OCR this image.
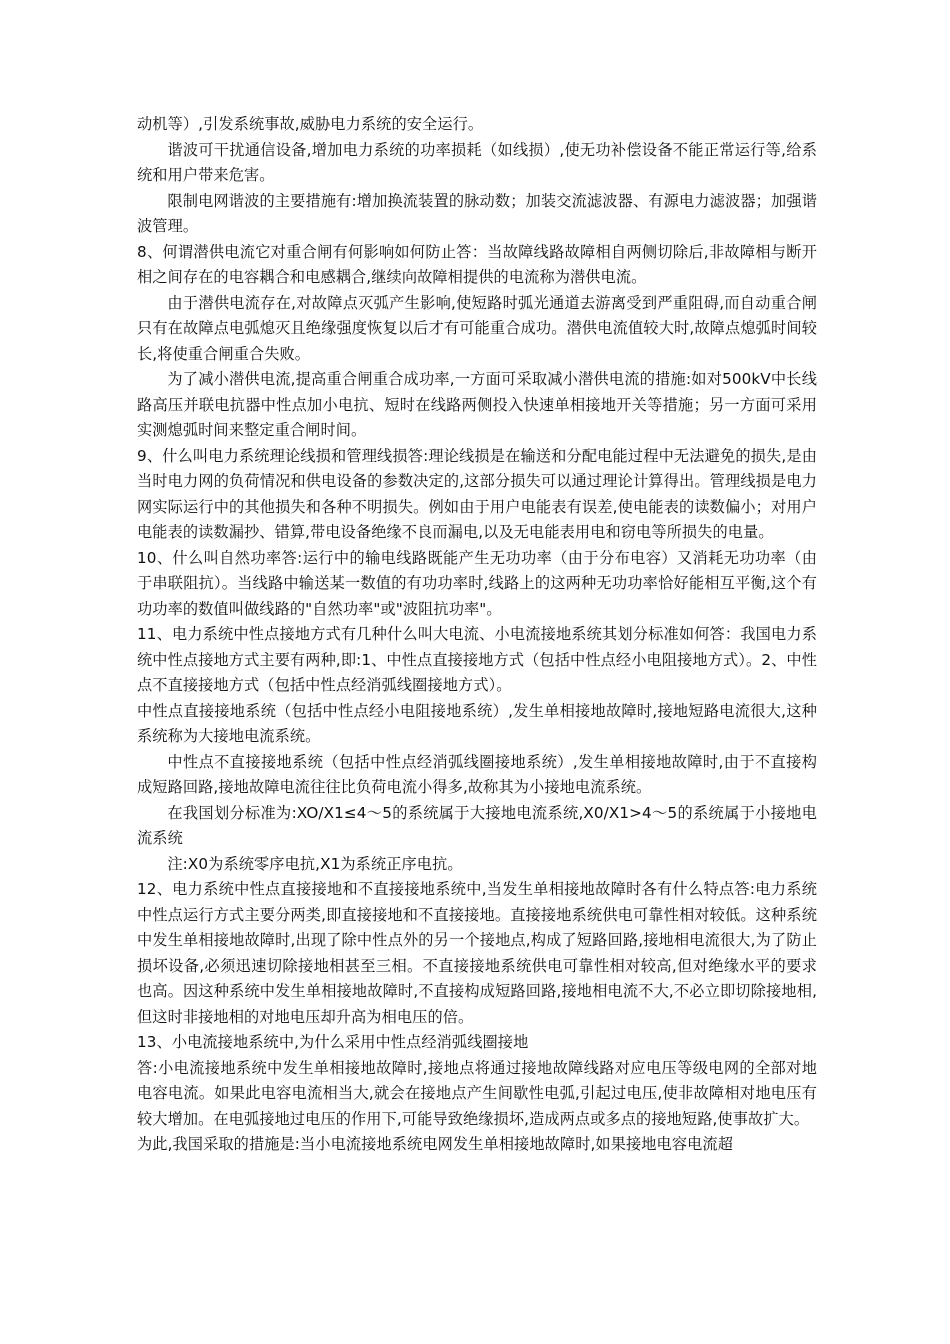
动机等）,引发系统事故,威胁电力系统的安全运行。

谐波可干扰通信设备,增加电力系统的功率损耗（如线损）,使无功补偿设备不能正常运行等,给系统和用户带来危害。

限制电网谐波的主要措施有:增加换流装置的脉动数；加装交流滤波器、有源电力滤波器；加强谐波管理。

8、何谓潜供电流它对重合闸有何影响如何防止答：当故障线路故障相自两侧切除后,非故障相与断开相之间存在的电容耦合和电感耦合,继续向故障相提供的电流称为潜供电流。

由于潜供电流存在,对故障点灭弧产生影响,使短路时弧光通道去游离受到严重阻碍,而自动重合闸只有在故障点电弧熄灭且绝缘强度恢复以后才有可能重合成功。潜供电流值较大时,故障点熄弧时间较长,将使重合闸重合失败。

为了减小潜供电流,提高重合闸重合成功率,一方面可采取减小潜供电流的措施:如对500kV中长线路高压并联电抗器中性点加小电抗、短时在线路两侧投入快速单相接地开关等措施；另一方面可采用实测熄弧时间来整定重合闸时间。

9、什么叫电力系统理论线损和管理线损答:理论线损是在输送和分配电能过程中无法避免的损失,是由当时电力网的负荷情况和供电设备的参数决定的,这部分损失可以通过理论计算得出。管理线损是电力网实际运行中的其他损失和各种不明损失。例如由于用户电能表有误差,使电能表的读数偏小；对用户电能表的读数漏抄、错算,带电设备绝缘不良而漏电,以及无电能表用电和窃电等所损失的电量。

10、什么叫自然功率答:运行中的输电线路既能产生无功功率（由于分布电容）又消耗无功功率（由于串联阻抗）。当线路中输送某一数值的有功功率时,线路上的这两种无功功率恰好能相互平衡,这个有功功率的数值叫做线路的"自然功率"或"波阻抗功率"。

11、电力系统中性点接地方式有几种什么叫大电流、小电流接地系统其划分标准如何答：我国电力系统中性点接地方式主要有两种,即:1、中性点直接接地方式（包括中性点经小电阻接地方式）。2、中性点不直接接地方式（包括中性点经消弧线圈接地方式）。

中性点直接接地系统（包括中性点经小电阻接地系统）,发生单相接地故障时,接地短路电流很大,这种系统称为大接地电流系统。

中性点不直接接地系统（包括中性点经消弧线圈接地系统）,发生单相接地故障时,由于不直接构成短路回路,接地故障电流往往比负荷电流小得多,故称其为小接地电流系统。

在我国划分标准为:XO/X1≤4～5的系统属于大接地电流系统,X0/X1>4～5的系统属于小接地电流系统

注:X0为系统零序电抗,X1为系统正序电抗。

12、电力系统中性点直接接地和不直接接地系统中,当发生单相接地故障时各有什么特点答:电力系统中性点运行方式主要分两类,即直接接地和不直接接地。直接接地系统供电可靠性相对较低。这种系统中发生单相接地故障时,出现了除中性点外的另一个接地点,构成了短路回路,接地相电流很大,为了防止损坏设备,必须迅速切除接地相甚至三相。不直接接地系统供电可靠性相对较高,但对绝缘水平的要求也高。因这种系统中发生单相接地故障时,不直接构成短路回路,接地相电流不大,不必立即切除接地相,但这时非接地相的对地电压却升高为相电压的倍。

13、小电流接地系统中,为什么采用中性点经消弧线圈接地

答:小电流接地系统中发生单相接地故障时,接地点将通过接地故障线路对应电压等级电网的全部对地电容电流。如果此电容电流相当大,就会在接地点产生间歇性电弧,引起过电压,使非故障相对地电压有较大增加。在电弧接地过电压的作用下,可能导致绝缘损坏,造成两点或多点的接地短路,使事故扩大。

为此,我国采取的措施是:当小电流接地系统电网发生单相接地故障时,如果接地电容电流超
